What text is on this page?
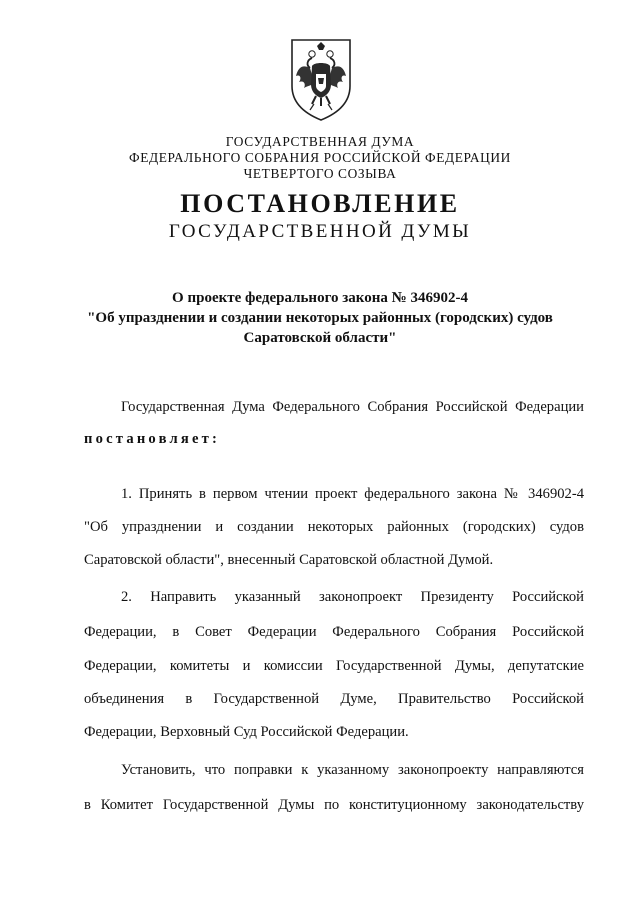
ГОСУДАРСТВЕННАЯ ДУМА
ФЕДЕРАЛЬНОГО СОБРАНИЯ РОССИЙСКОЙ ФЕДЕРАЦИИ
ЧЕТВЕРТОГО СОЗЫВА
ПОСТАНОВЛЕНИЕ
ГОСУДАРСТВЕННОЙ ДУМЫ
О проекте федерального закона № 346902-4
"Об упразднении и создании некоторых районных (городских) судов
Саратовской области"
Государственная Дума Федерального Собрания Российской Федерации
постановляет:
1. Принять в первом чтении проект федерального закона № 346902-4
"Об упразднении и создании некоторых районных (городских) судов
Саратовской области", внесенный Саратовской областной Думой.
2. Направить указанный законопроект Президенту Российской
Федерации, в Совет Федерации Федерального Собрания Российской
Федерации, комитеты и комиссии Государственной Думы, депутатские
объединения в Государственной Думе, Правительство Российской
Федерации, Верховный Суд Российской Федерации.
Установить, что поправки к указанному законопроекту направляются
в Комитет Государственной Думы по конституционному законодательству
